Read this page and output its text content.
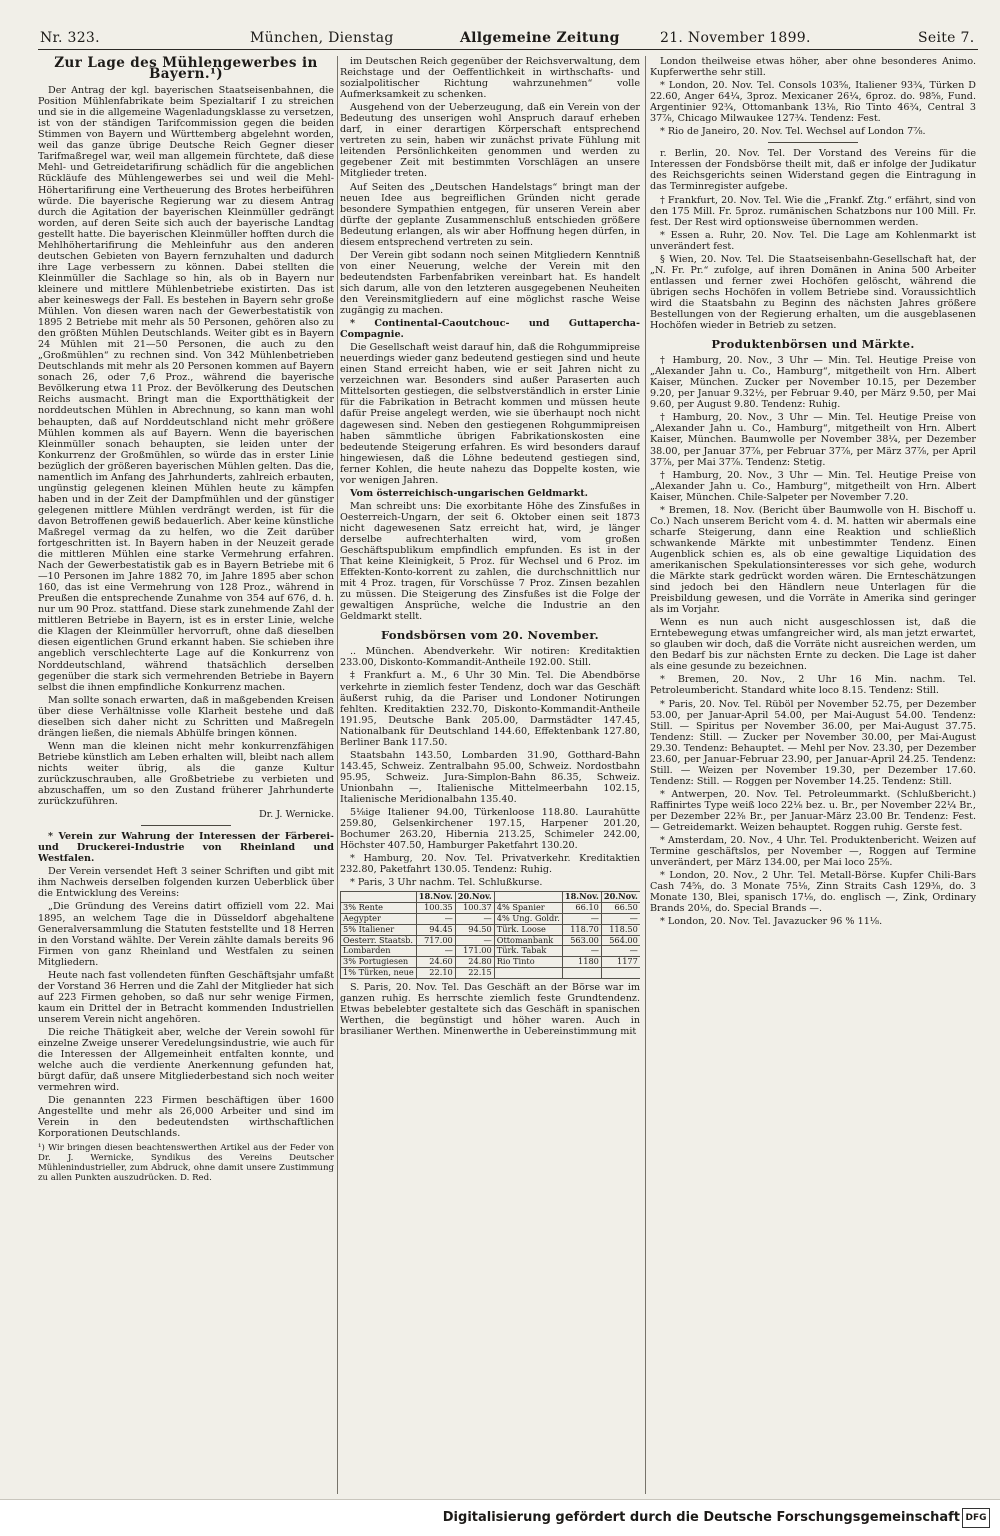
Nr. 323.	München, Dienstag	Allgemeine Zeitung	21. November 1899.	Seite 7.
Zur Lage des Mühlengewerbes in Bayern.¹)

Der Antrag der kgl. bayerischen Staatseisenbahnen, die Position Mühlenfabrikate beim Spezialtarif I zu streichen und sie in die allgemeine Wagenladungsklasse zu versetzen, ist von der ständigen Tarifcommission gegen die beiden Stimmen von Bayern und Württemberg abgelehnt worden, weil das ganze übrige Deutsche Reich Gegner dieser Tarifmaßregel war, weil man allgemein fürchtete, daß diese Mehl- und Getreidetarifirung schädlich für die angeblichen Rückläufe des Mühlengewerbes sei und weil die Mehl-Höhertarifirung eine Vertheuerung des Brotes herbeiführen würde. Die bayerische Regierung war zu diesem Antrag durch die Agitation der bayerischen Kleinmüller gedrängt worden, auf deren Seite sich auch der bayerische Landtag gestellt hatte. Die bayerischen Kleinmüller hofften durch die Mehlhöhertarifirung die Mehleinfuhr aus den anderen deutschen Gebieten von Bayern fernzuhalten und dadurch ihre Lage verbessern zu können. Dabei stellten die Kleinmüller die Sachlage so hin, als ob in Bayern nur kleinere und mittlere Mühlenbetriebe existirten. Das ist aber keineswegs der Fall. Es bestehen in Bayern sehr große Mühlen. Von diesen waren nach der Gewerbestatistik von 1895 2 Betriebe mit mehr als 50 Personen, gehören also zu den größten Mühlen Deutschlands. Weiter gibt es in Bayern 24 Mühlen mit 21—50 Personen, die auch zu den „Großmühlen“ zu rechnen sind. Von 342 Mühlenbetrieben Deutschlands mit mehr als 20 Personen kommen auf Bayern sonach 26, oder 7,6 Proz., während die bayerische Bevölkerung etwa 11 Proz. der Bevölkerung des Deutschen Reichs ausmacht. Bringt man die Exportthätigkeit der norddeutschen Mühlen in Abrechnung, so kann man wohl behaupten, daß auf Norddeutschland nicht mehr größere Mühlen kommen als auf Bayern. Wenn die bayerischen Kleinmüller sonach behaupten, sie leiden unter der Konkurrenz der Großmühlen, so würde das in erster Linie bezüglich der größeren bayerischen Mühlen gelten. Das die, namentlich im Anfang des Jahrhunderts, zahlreich erbauten, ungünstig gelegenen kleinen Mühlen heute zu kämpfen haben und in der Zeit der Dampfmühlen und der günstiger gelegenen mittlere Mühlen verdrängt werden, ist für die davon Betroffenen gewiß bedauerlich. Aber keine künstliche Maßregel vermag da zu helfen, wo die Zeit darüber fortgeschritten ist. In Bayern haben in der Neuzeit gerade die mittleren Mühlen eine starke Vermehrung erfahren. Nach der Gewerbestatistik gab es in Bayern Betriebe mit 6—10 Personen im Jahre 1882 70, im Jahre 1895 aber schon 160, das ist eine Vermehrung von 128 Proz., während in Preußen die entsprechende Zunahme von 354 auf 676, d. h. nur um 90 Proz. stattfand. Diese stark zunehmende Zahl der mittleren Betriebe in Bayern, ist es in erster Linie, welche die Klagen der Kleinmüller hervorruft, ohne daß dieselben diesen eigentlichen Grund erkannt haben. Sie schieben ihre angeblich verschlechterte Lage auf die Konkurrenz von Norddeutschland, während thatsächlich derselben gegenüber die stark sich vermehrenden Betriebe in Bayern selbst die ihnen empfindliche Konkurrenz machen.

Man sollte sonach erwarten, daß in maßgebenden Kreisen über diese Verhältnisse volle Klarheit bestehe und daß dieselben sich daher nicht zu Schritten und Maßregeln drängen ließen, die niemals Abhülfe bringen können.

Wenn man die kleinen nicht mehr konkurrenzfähigen Betriebe künstlich am Leben erhalten will, bleibt nach allem nichts weiter übrig, als die ganze Kultur zurückzuschrauben, alle Großbetriebe zu verbieten und abzuschaffen, um so den Zustand früherer Jahrhunderte zurückzuführen.

Dr. J. Wernicke.

* Verein zur Wahrung der Interessen der Färberei- und Druckerei-Industrie von Rheinland und Westfalen.

Der Verein versendet Heft 3 seiner Schriften und gibt mit ihm Nachweis derselben folgenden kurzen Ueberblick über die Entwicklung des Vereins:

„Die Gründung des Vereins datirt offiziell vom 22. Mai 1895, an welchem Tage die in Düsseldorf abgehaltene Generalversammlung die Statuten feststellte und 18 Herren in den Vorstand wählte. Der Verein zählte damals bereits 96 Firmen von ganz Rheinland und Westfalen zu seinen Mitgliedern.

Heute nach fast vollendeten fünften Geschäftsjahr umfaßt der Vorstand 36 Herren und die Zahl der Mitglieder hat sich auf 223 Firmen gehoben, so daß nur sehr wenige Firmen, kaum ein Drittel der in Betracht kommenden Industriellen unserem Verein nicht angehören.

Die reiche Thätigkeit aber, welche der Verein sowohl für einzelne Zweige unserer Veredelungsindustrie, wie auch für die Interessen der Allgemeinheit entfalten konnte, und welche auch die verdiente Anerkennung gefunden hat, bürgt dafür, daß unsere Mitgliederbestand sich noch weiter vermehren wird.

Die genannten 223 Firmen beschäftigen über 1600 Angestellte und mehr als 26,000 Arbeiter und sind im Verein in den bedeutendsten wirthschaftlichen Korporationen Deutschlands.

¹) Wir bringen diesen beachtenswerthen Artikel aus der Feder von Dr. J. Wernicke, Syndikus des Vereins Deutscher Mühlenindustrieller, zum Abdruck, ohne damit unsere Zustimmung zu allen Punkten auszudrücken. D. Red.

im Deutschen Reich gegenüber der Reichsverwaltung, dem Reichstage und der Oeffentlichkeit in wirthschafts- und sozialpolitischer Richtung wahrzunehmen“ volle Aufmerksamkeit zu schenken.

Ausgehend von der Ueberzeugung, daß ein Verein von der Bedeutung des unserigen wohl Anspruch darauf erheben darf, in einer derartigen Körperschaft entsprechend vertreten zu sein, haben wir zunächst private Fühlung mit leitenden Persönlichkeiten genommen und werden zu gegebener Zeit mit bestimmten Vorschlägen an unsere Mitglieder treten.

Auf Seiten des „Deutschen Handelstags“ bringt man der neuen Idee aus begreiflichen Gründen nicht gerade besondere Sympathien entgegen, für unseren Verein aber dürfte der geplante Zusammenschluß entschieden größere Bedeutung erlangen, als wir aber Hoffnung hegen dürfen, in diesem entsprechend vertreten zu sein.

Der Verein gibt sodann noch seinen Mitgliedern Kenntniß von einer Neuerung, welche der Verein mit den bedeutendsten Farbenfabriken vereinbart hat. Es handelt sich darum, alle von den letzteren ausgegebenen Neuheiten den Vereinsmitgliedern auf eine möglichst rasche Weise zugängig zu machen.

* Continental-Caoutchouc- und Guttapercha-Compagnie.

Die Gesellschaft weist darauf hin, daß die Rohgummipreise neuerdings wieder ganz bedeutend gestiegen sind und heute einen Stand erreicht haben, wie er seit Jahren nicht zu verzeichnen war. Besonders sind außer Paraserten auch Mittelsorten gestiegen, die selbstverständlich in erster Linie für die Fabrikation in Betracht kommen und müssen heute dafür Preise angelegt werden, wie sie überhaupt noch nicht dagewesen sind. Neben den gestiegenen Rohgummipreisen haben sämmtliche übrigen Fabrikationskosten eine bedeutende Steigerung erfahren. Es wird besonders darauf hingewiesen, daß die Löhne bedeutend gestiegen sind, ferner Kohlen, die heute nahezu das Doppelte kosten, wie vor wenigen Jahren.

Vom österreichisch-ungarischen Geldmarkt.

Man schreibt uns: Die exorbitante Höhe des Zinsfußes in Oesterreich-Ungarn, der seit 6. Oktober einen seit 1873 nicht dagewesenen Satz erreicht hat, wird, je länger derselbe aufrechterhalten wird, vom großen Geschäftspublikum empfindlich empfunden. Es ist in der That keine Kleinigkeit, 5 Proz. für Wechsel und 6 Proz. im Effekten-Konto-korrent zu zahlen, die durchschnittlich nur mit 4 Proz. tragen, für Vorschüsse 7 Proz. Zinsen bezahlen zu müssen. Die Steigerung des Zinsfußes ist die Folge der gewaltigen Ansprüche, welche die Industrie an den Geldmarkt stellt.

Fondsbörsen vom 20. November.

.. München. Abendverkehr. Wir notiren: Kreditaktien 233.00, Diskonto-Kommandit-Antheile 192.00. Still.

‡ Frankfurt a. M., 6 Uhr 30 Min. Tel. Die Abendbörse verkehrte in ziemlich fester Tendenz, doch war das Geschäft äußerst ruhig, da die Pariser und Londoner Notirungen fehlten. Kreditaktien 232.70, Diskonto-Kommandit-Antheile 191.95, Deutsche Bank 205.00, Darmstädter 147.45, Nationalbank für Deutschland 144.60, Effektenbank 127.80, Berliner Bank 117.50.

Staatsbahn 143.50, Lombarden 31.90, Gotthard-Bahn 143.45, Schweiz. Zentralbahn 95.00, Schweiz. Nordostbahn 95.95, Schweiz. Jura-Simplon-Bahn 86.35, Schweiz. Unionbahn —, Italienische Mittelmeerbahn 102.15, Italienische Meridionalbahn 135.40.

5⅛ige Italiener 94.00, Türkenloose 118.80. Laurahütte 259.80, Gelsenkirchener 197.15, Harpener 201.20, Bochumer 263.20, Hibernia 213.25, Schimeler 242.00, Höchster 407.50, Hamburger Paketfahrt 130.20.

* Hamburg, 20. Nov. Tel. Privatverkehr. Kreditaktien 232.80, Paketfahrt 130.05. Tendenz: Ruhig.

* Paris, 3 Uhr nachm. Tel. Schlußkurse.

	18.Nov.	20.Nov.		18.Nov.	20.Nov.
3% Rente	100.35	100.37	4% Spanier	66.10	66.50
Aegypter	—	—	4% Ung. Goldr.	—	—
5% Italiener	94.45	94.50	Türk. Loose	118.70	118.50
Oesterr. Staatsb.	717.00	—	Ottomanbank	563.00	564.00
Lombarden	—	171.00	Türk. Tabak	—	—
3% Portugiesen	24.60	24.80	Rio Tinto	1180	1177
1% Türken, neue	22.10	22.15			

S. Paris, 20. Nov. Tel. Das Geschäft an der Börse war im ganzen ruhig. Es herrschte ziemlich feste Grundtendenz. Etwas bebelebter gestaltete sich das Geschäft in spanischen Werthen, die begünstigt und höher waren. Auch in brasilianer Werthen. Minenwerthe in Uebereinstimmung mit

London theilweise etwas höher, aber ohne besonderes Animo. Kupferwerthe sehr still.

* London, 20. Nov. Tel. Consols 103⅝, Italiener 93¾, Türken D 22.60, Anger 64¼, 3proz. Mexicaner 26¼, 6proz. do. 98⅝, Fund. Argentinier 92¾, Ottomanbank 13⅛, Rio Tinto 46¾, Central 3 37⅞, Chicago Milwaukee 127¾. Tendenz: Fest.

* Rio de Janeiro, 20. Nov. Tel. Wechsel auf London 7⅞.

r. Berlin, 20. Nov. Tel. Der Vorstand des Vereins für die Interessen der Fondsbörse theilt mit, daß er infolge der Judikatur des Reichsgerichts seinen Widerstand gegen die Eintragung in das Terminregister aufgebe.

† Frankfurt, 20. Nov. Tel. Wie die „Frankf. Ztg.“ erfährt, sind von den 175 Mill. Fr. 5proz. rumänischen Schatzbons nur 100 Mill. Fr. fest. Der Rest wird optionsweise übernommen werden.

* Essen a. Ruhr, 20. Nov. Tel. Die Lage am Kohlenmarkt ist unverändert fest.

§ Wien, 20. Nov. Tel. Die Staatseisenbahn-Gesellschaft hat, der „N. Fr. Pr.“ zufolge, auf ihren Domänen in Anina 500 Arbeiter entlassen und ferner zwei Hochöfen gelöscht, während die übrigen sechs Hochöfen in vollem Betriebe sind. Voraussichtlich wird die Staatsbahn zu Beginn des nächsten Jahres größere Bestellungen von der Regierung erhalten, um die ausgeblasenen Hochöfen wieder in Betrieb zu setzen.

Produktenbörsen und Märkte.

† Hamburg, 20. Nov., 3 Uhr — Min. Tel. Heutige Preise von „Alexander Jahn u. Co., Hamburg“, mitgetheilt von Hrn. Albert Kaiser, München. Zucker per November 10.15, per Dezember 9.20, per Januar 9.32½, per Februar 9.40, per März 9.50, per Mai 9.60, per August 9.80. Tendenz: Ruhig.

† Hamburg, 20. Nov., 3 Uhr — Min. Tel. Heutige Preise von „Alexander Jahn u. Co., Hamburg“, mitgetheilt von Hrn. Albert Kaiser, München. Baumwolle per November 38¼, per Dezember 38.00, per Januar 37⅞, per Februar 37⅞, per März 37⅞, per April 37⅞, per Mai 37⅞. Tendenz: Stetig.

† Hamburg, 20. Nov., 3 Uhr — Min. Tel. Heutige Preise von „Alexander Jahn u. Co., Hamburg“, mitgetheilt von Hrn. Albert Kaiser, München. Chile-Salpeter per November 7.20.

* Bremen, 18. Nov. (Bericht über Baumwolle von H. Bischoff u. Co.) Nach unserem Bericht vom 4. d. M. hatten wir abermals eine scharfe Steigerung, dann eine Reaktion und schließlich schwankende Märkte mit unbestimmter Tendenz. Einen Augenblick schien es, als ob eine gewaltige Liquidation des amerikanischen Spekulationsinteresses vor sich gehe, wodurch die Märkte stark gedrückt worden wären. Die Ernteschätzungen sind jedoch bei den Händlern neue Unterlagen für die Preisbildung gewesen, und die Vorräte in Amerika sind geringer als im Vorjahr.

Wenn es nun auch nicht ausgeschlossen ist, daß die Erntebewegung etwas umfangreicher wird, als man jetzt erwartet, so glauben wir doch, daß die Vorräte nicht ausreichen werden, um den Bedarf bis zur nächsten Ernte zu decken. Die Lage ist daher als eine gesunde zu bezeichnen.

* Bremen, 20. Nov., 2 Uhr 16 Min. nachm. Tel. Petroleumbericht. Standard white loco 8.15. Tendenz: Still.

* Paris, 20. Nov. Tel. Rüböl per November 52.75, per Dezember 53.00, per Januar-April 54.00, per Mai-August 54.00. Tendenz: Still. — Spiritus per November 36.00, per Mai-August 37.75. Tendenz: Still. — Zucker per November 30.00, per Mai-August 29.30. Tendenz: Behauptet. — Mehl per Nov. 23.30, per Dezember 23.60, per Januar-Februar 23.90, per Januar-April 24.25. Tendenz: Still. — Weizen per November 19.30, per Dezember 17.60. Tendenz: Still. — Roggen per November 14.25. Tendenz: Still.

* Antwerpen, 20. Nov. Tel. Petroleummarkt. (Schlußbericht.) Raffinirtes Type weiß loco 22⅛ bez. u. Br., per November 22¼ Br., per Dezember 22⅜ Br., per Januar-März 23.00 Br. Tendenz: Fest. — Getreidemarkt. Weizen behauptet. Roggen ruhig. Gerste fest.

* Amsterdam, 20. Nov., 4 Uhr. Tel. Produktenbericht. Weizen auf Termine geschäftslos, per November —, Roggen auf Termine unverändert, per März 134.00, per Mai loco 25⅝.

* London, 20. Nov., 2 Uhr. Tel. Metall-Börse. Kupfer Chili-Bars Cash 74⅝, do. 3 Monate 75⅛, Zinn Straits Cash 129⅜, do. 3 Monate 130, Blei, spanisch 17⅛, do. englisch —, Zink, Ordinary Brands 20⅛, do. Special Brands —.

* London, 20. Nov. Tel. Javazucker 96 % 11⅛.

Digitalisierung gefördert durch die Deutsche Forschungsgemeinschaft DFG
